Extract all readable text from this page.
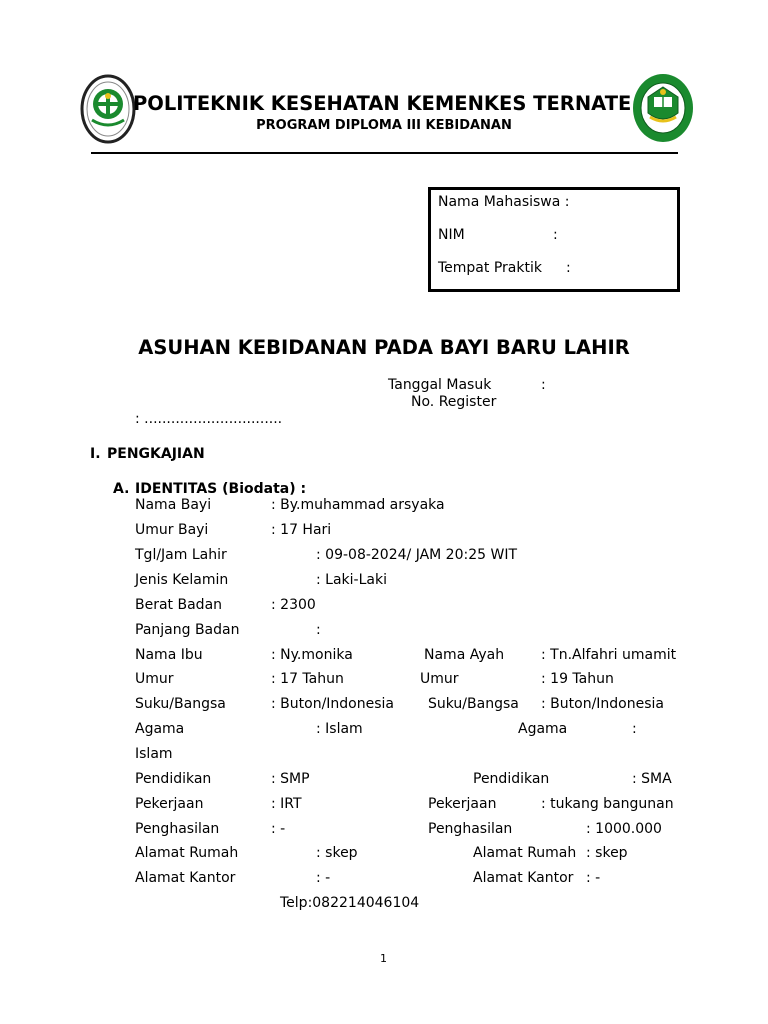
POLITEKNIK KESEHATAN KEMENKES TERNATE
PROGRAM DIPLOMA III KEBIDANAN
Nama Mahasiswa :
NIM	:
Tempat Praktik :
ASUHAN KEBIDANAN PADA BAYI BARU LAHIR
Tanggal Masuk	:
No. Register
: ...............................
I. PENGKAJIAN
A. IDENTITAS (Biodata) :
Nama Bayi	: By.muhammad arsyaka
Umur Bayi	: 17 Hari
Tgl/Jam Lahir	: 09-08-2024/ JAM 20:25 WIT
Jenis Kelamin	: Laki-Laki
Berat Badan	: 2300
Panjang Badan	:
Nama Ibu	: Ny.monika	Nama Ayah	: Tn.Alfahri umamit
Umur	: 17 Tahun	Umur	: 19 Tahun
Suku/Bangsa	: Buton/Indonesia Suku/Bangsa : Buton/Indonesia
Agama	: Islam	Agama	:
Islam
Pendidikan	: SMP	Pendidikan	: SMA
Pekerjaan	: IRT	Pekerjaan	: tukang bangunan
Penghasilan	: -	Penghasilan	: 1000.000
Alamat Rumah	: skep	Alamat Rumah : skep
Alamat Kantor	: -	Alamat Kantor : -
Telp:082214046104
1
